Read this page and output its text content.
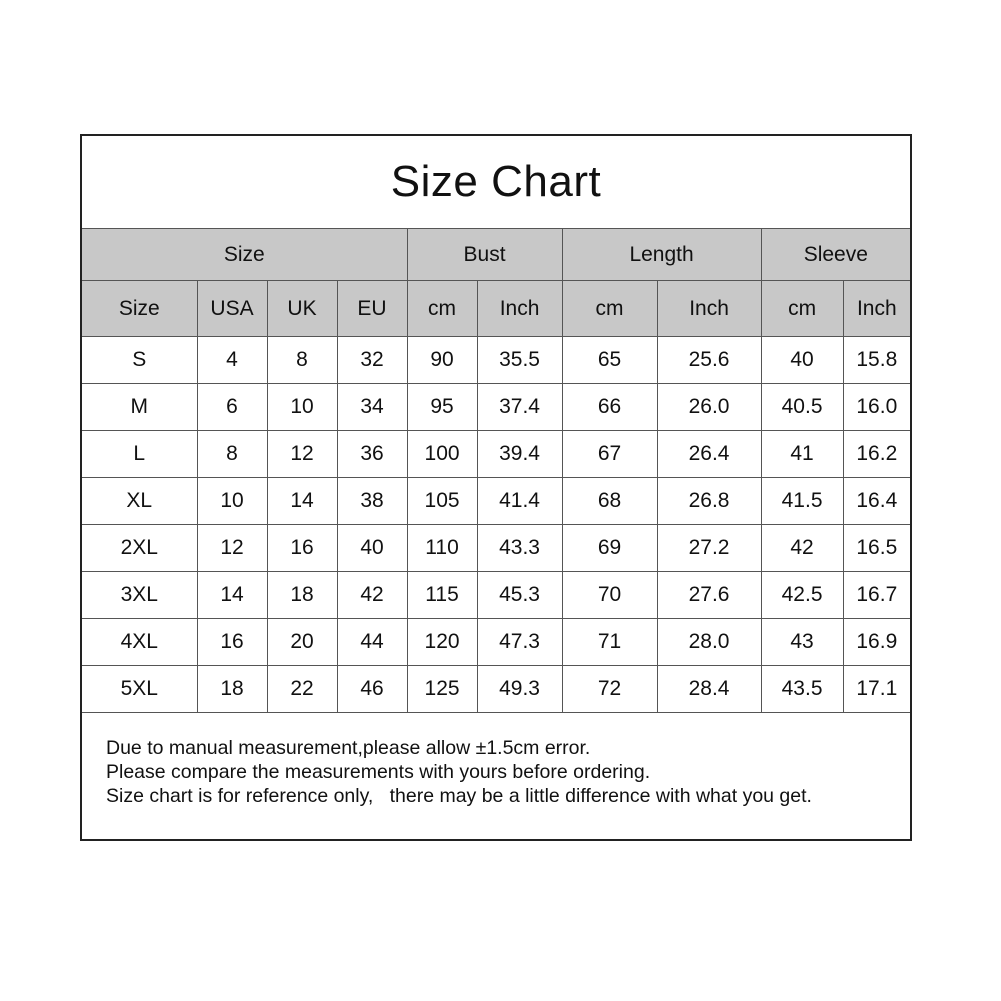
Size Chart
Size				Bust		Length		Sleeve	
Size	USA	UK	EU	cm	Inch	cm	Inch	cm	Inch
S	4	8	32	90	35.5	65	25.6	40	15.8
M	6	10	34	95	37.4	66	26.0	40.5	16.0
L	8	12	36	100	39.4	67	26.4	41	16.2
XL	10	14	38	105	41.4	68	26.8	41.5	16.4
2XL	12	16	40	110	43.3	69	27.2	42	16.5
3XL	14	18	42	115	45.3	70	27.6	42.5	16.7
4XL	16	20	44	120	47.3	71	28.0	43	16.9
5XL	18	22	46	125	49.3	72	28.4	43.5	17.1
Due to manual measurement,please allow ±1.5cm error.
Please compare the measurements with yours before ordering.
Size chart is for reference only,   there may be a little difference with what you get.
